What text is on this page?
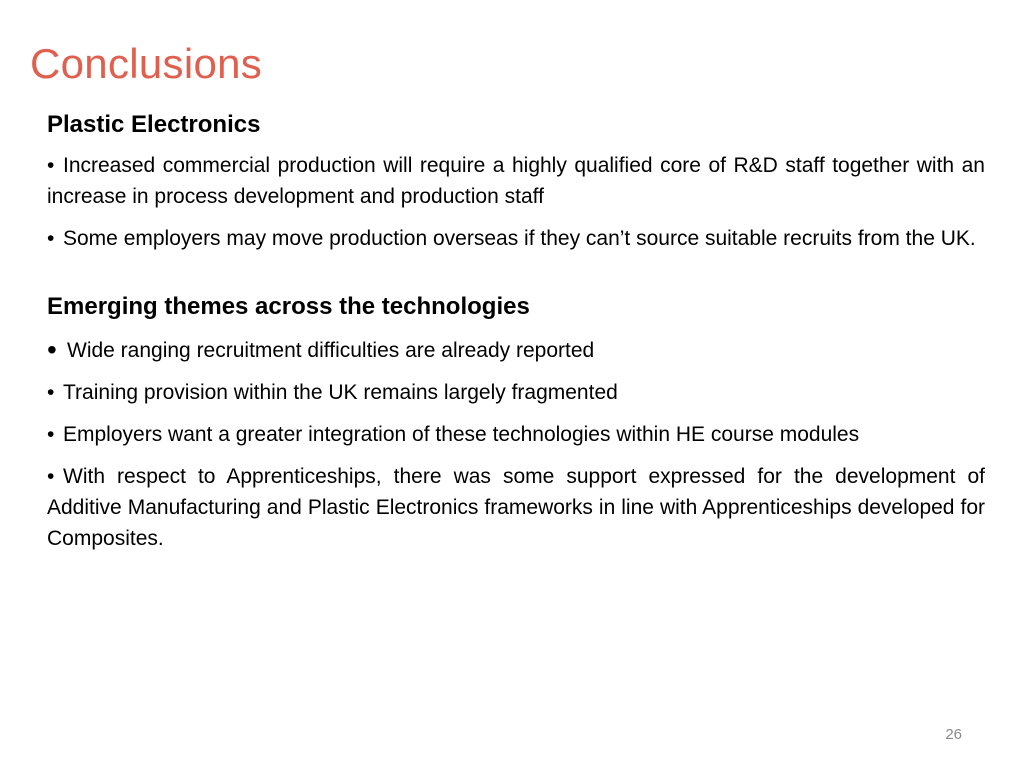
Conclusions
Plastic Electronics

• Increased commercial production will require a highly qualified core of R&D staff together with an increase in process development and production staff

• Some employers may move production overseas if they can’t source suitable recruits from the UK.

Emerging themes across the technologies

• Wide ranging recruitment difficulties are already reported

• Training provision within the UK remains largely fragmented

• Employers want a greater integration of these technologies within HE course modules

• With respect to Apprenticeships, there was some support expressed for the development of Additive Manufacturing and Plastic Electronics frameworks in line with Apprenticeships developed for Composites.

26
